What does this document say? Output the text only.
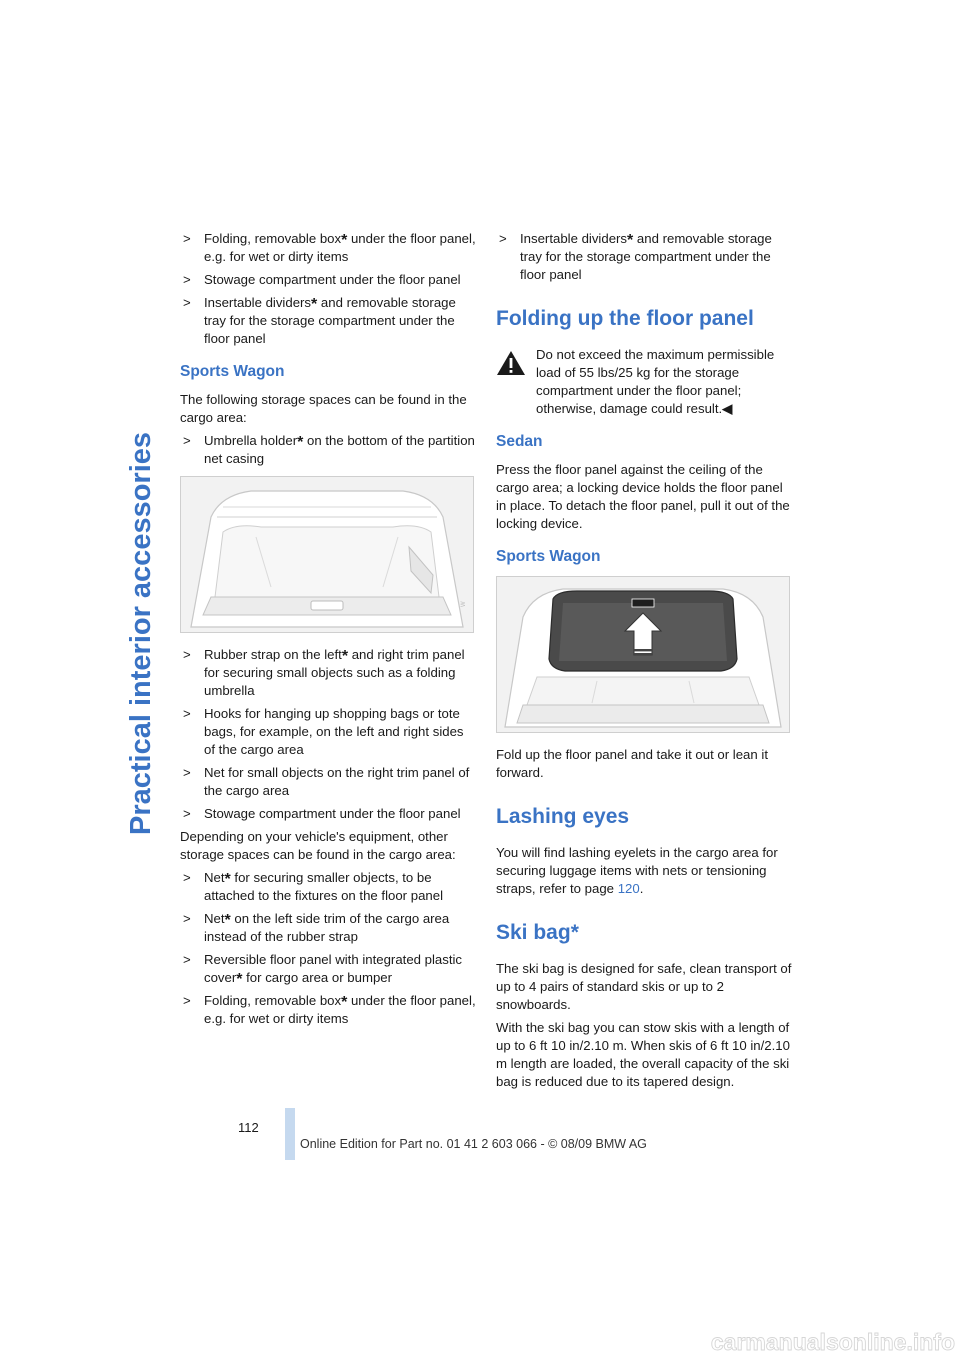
Practical interior accessories
> Folding, removable box* under the floor panel, e.g. for wet or dirty items
> Stowage compartment under the floor panel
> Insertable dividers* and removable storage tray for the storage compartment under the floor panel
Sports Wagon
The following storage spaces can be found in the cargo area:
> Umbrella holder* on the bottom of the partition net casing
W
> Rubber strap on the left* and right trim panel for securing small objects such as a folding umbrella
> Hooks for hanging up shopping bags or tote bags, for example, on the left and right sides of the cargo area
> Net for small objects on the right trim panel of the cargo area
> Stowage compartment under the floor panel
Depending on your vehicle's equipment, other storage spaces can be found in the cargo area:
> Net* for securing smaller objects, to be attached to the fixtures on the floor panel
> Net* on the left side trim of the cargo area instead of the rubber strap
> Reversible floor panel with integrated plastic cover* for cargo area or bumper
> Folding, removable box* under the floor panel, e.g. for wet or dirty items
> Insertable dividers* and removable storage tray for the storage compartment under the floor panel
Folding up the floor panel
Do not exceed the maximum permissible load of 55 lbs/25 kg for the storage compartment under the floor panel; otherwise, damage could result.◀
Sedan
Press the floor panel against the ceiling of the cargo area; a locking device holds the floor panel in place. To detach the floor panel, pull it out of the locking device.
Sports Wagon
Fold up the floor panel and take it out or lean it forward.
Lashing eyes
You will find lashing eyelets in the cargo area for securing luggage items with nets or tensioning straps, refer to page 120.
Ski bag*
The ski bag is designed for safe, clean transport of up to 4 pairs of standard skis or up to 2 snowboards.
With the ski bag you can stow skis with a length of up to 6 ft 10 in/2.10 m. When skis of 6 ft 10 in/2.10 m length are loaded, the overall capacity of the ski bag is reduced due to its tapered design.
112
Online Edition for Part no. 01 41 2 603 066 - © 08/09 BMW AG
carmanualsonline.info
